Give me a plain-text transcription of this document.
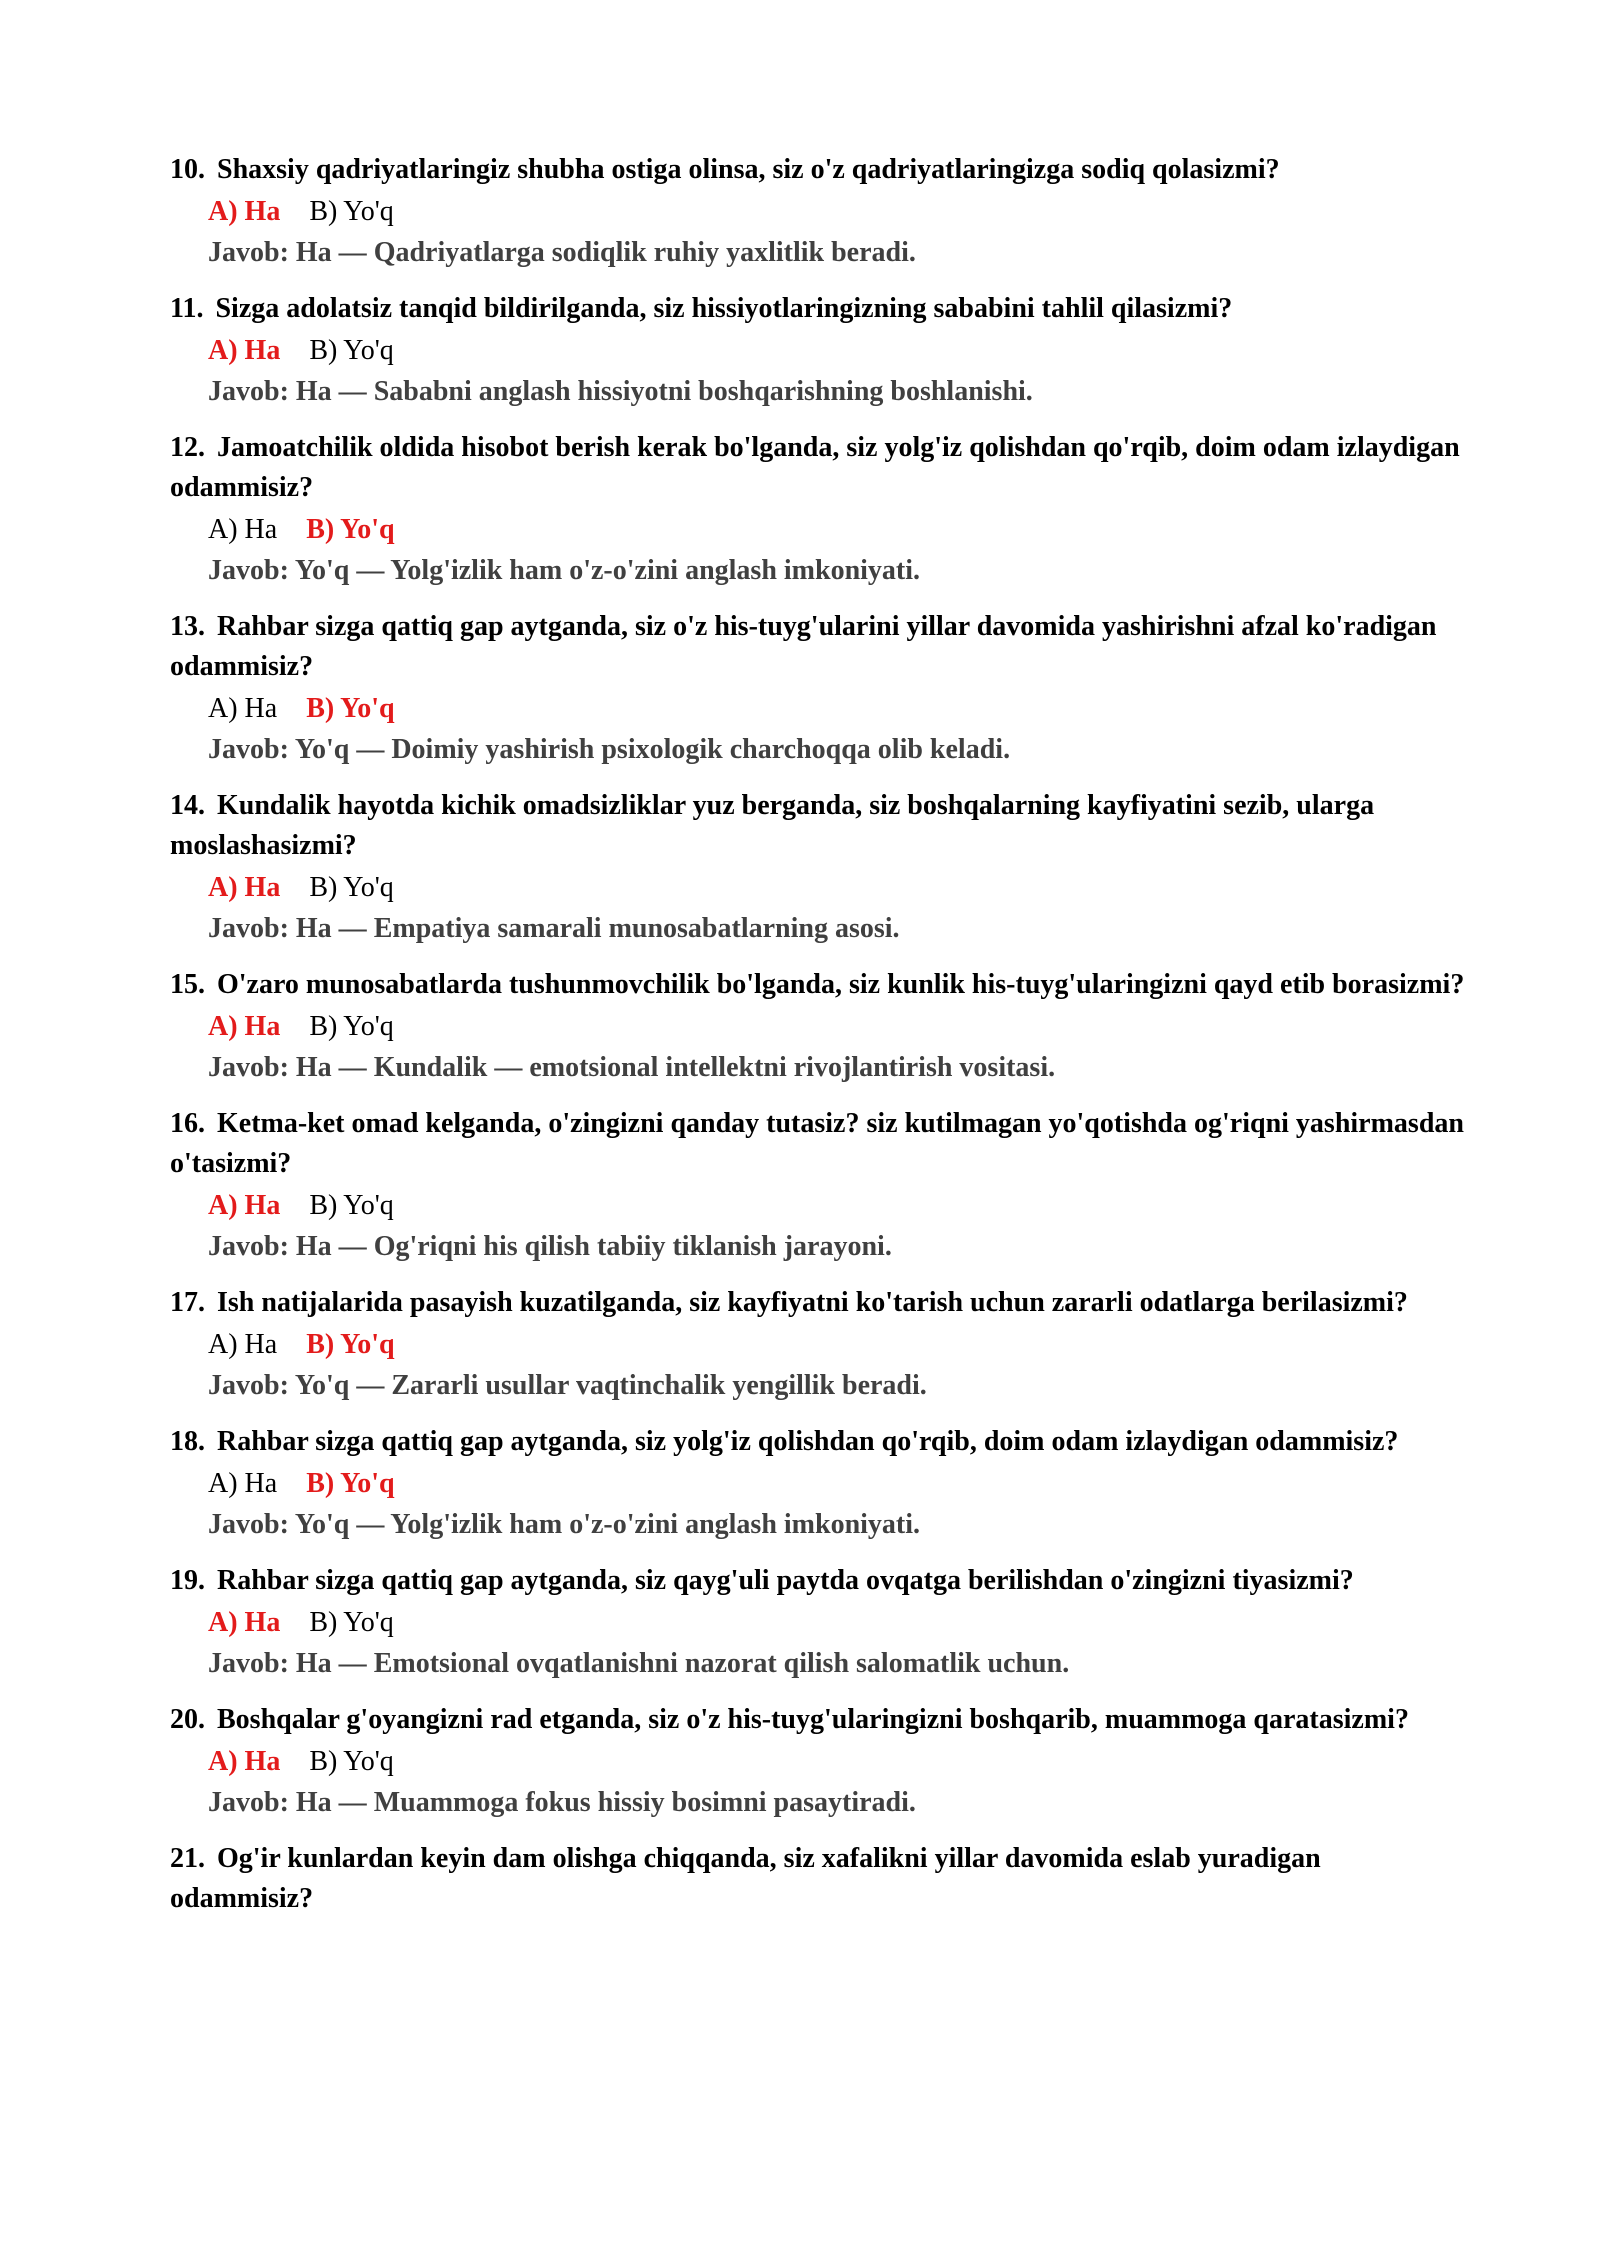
10. Shaxsiy qadriyatlaringiz shubha ostiga olinsa, siz o'z qadriyatlaringizga sodiq qolasizmi?
A) Ha B) Yo'q
Javob: Ha — Qadriyatlarga sodiqlik ruhiy yaxlitlik beradi.
11. Sizga adolatsiz tanqid bildirilganda, siz hissiyotlaringizning sababini tahlil qilasizmi?
A) Ha B) Yo'q
Javob: Ha — Sababni anglash hissiyotni boshqarishning boshlanishi.
12. Jamoatchilik oldida hisobot berish kerak bo'lganda, siz yolg'iz qolishdan qo'rqib, doim odam izlaydigan odammisiz?
A) Ha B) Yo'q
Javob: Yo'q — Yolg'izlik ham o'z-o'zini anglash imkoniyati.
13. Rahbar sizga qattiq gap aytganda, siz o'z his-tuyg'ularini yillar davomida yashirishni afzal ko'radigan odammisiz?
A) Ha B) Yo'q
Javob: Yo'q — Doimiy yashirish psixologik charchoqqa olib keladi.
14. Kundalik hayotda kichik omadsizliklar yuz berganda, siz boshqalarning kayfiyatini sezib, ularga moslashasizmi?
A) Ha B) Yo'q
Javob: Ha — Empatiya samarali munosabatlarning asosi.
15. O'zaro munosabatlarda tushunmovchilik bo'lganda, siz kunlik his-tuyg'ularingizni qayd etib borasizmi?
A) Ha B) Yo'q
Javob: Ha — Kundalik — emotsional intellektni rivojlantirish vositasi.
16. Ketma-ket omad kelganda, o'zingizni qanday tutasiz? siz kutilmagan yo'qotishda og'riqni yashirmasdan o'tasizmi?
A) Ha B) Yo'q
Javob: Ha — Og'riqni his qilish tabiiy tiklanish jarayoni.
17. Ish natijalarida pasayish kuzatilganda, siz kayfiyatni ko'tarish uchun zararli odatlarga berilasizmi?
A) Ha B) Yo'q
Javob: Yo'q — Zararli usullar vaqtinchalik yengillik beradi.
18. Rahbar sizga qattiq gap aytganda, siz yolg'iz qolishdan qo'rqib, doim odam izlaydigan odammisiz?
A) Ha B) Yo'q
Javob: Yo'q — Yolg'izlik ham o'z-o'zini anglash imkoniyati.
19. Rahbar sizga qattiq gap aytganda, siz qayg'uli paytda ovqatga berilishdan o'zingizni tiyasizmi?
A) Ha B) Yo'q
Javob: Ha — Emotsional ovqatlanishni nazorat qilish salomatlik uchun.
20. Boshqalar g'oyangizni rad etganda, siz o'z his-tuyg'ularingizni boshqarib, muammoga qaratasizmi?
A) Ha B) Yo'q
Javob: Ha — Muammoga fokus hissiy bosimni pasaytiradi.
21. Og'ir kunlardan keyin dam olishga chiqqanda, siz xafalikni yillar davomida eslab yuradigan odammisiz?
